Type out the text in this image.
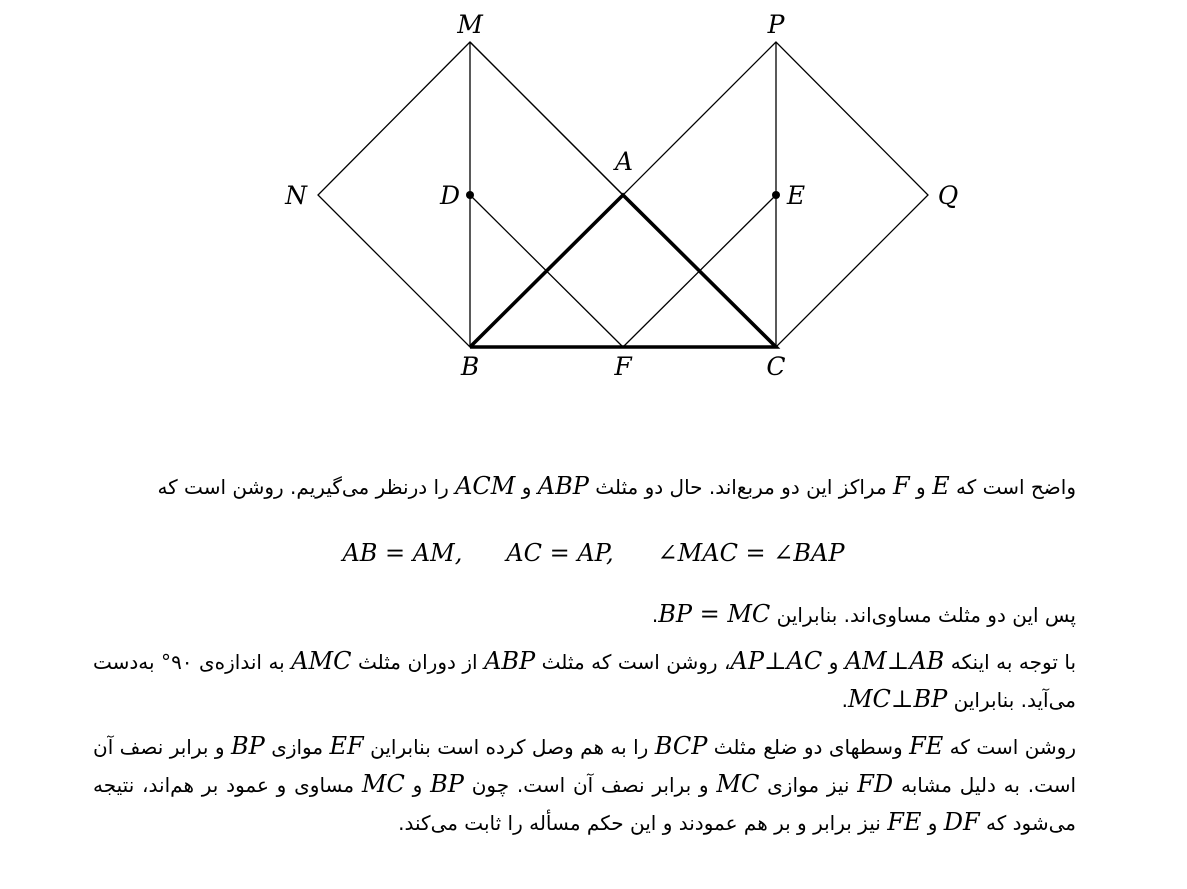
M	P
N	Q
D	E
A
B	F	C
واضح است که E و F مراکز این دو مربع‌اند. حال دو مثلث ABP و ACM را درنظر می‌گیریم. روشن است که
AB = AM, AC = AP, ∠MAC = ∠BAP
پس این دو مثلث مساوی‌اند. بنابراین BP = MC.
با توجه به اینکه AM⊥AB و AP⊥AC، روشن است که مثلث ABP از دوران مثلث AMC به اندازه‌ی ۹۰° به‌دست می‌آید. بنابراین MC⊥BP.
روشن است که FE وسطهای دو ضلع مثلث BCP را به هم وصل کرده است بنابراین EF موازی BP و برابر نصف آن است. به دلیل مشابه FD نیز موازی MC و برابر نصف آن است. چون BP و MC مساوی و عمود بر هم‌اند، نتیجه می‌شود که DF و FE نیز برابر و بر هم عمودند و این حکم مسأله را ثابت می‌کند.
